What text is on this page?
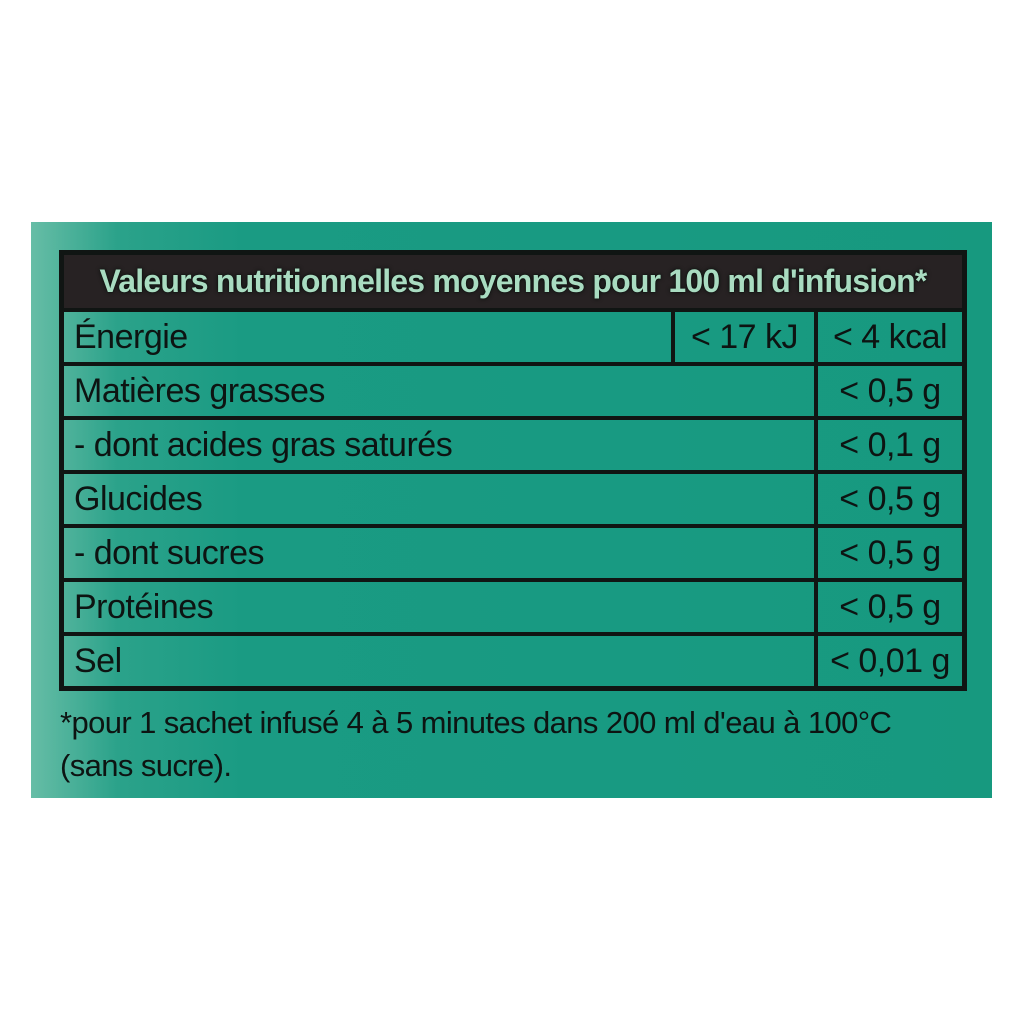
Valeurs nutritionnelles moyennes pour 100 ml d'infusion*
Énergie	< 17 kJ	< 4 kcal
Matières grasses	< 0,5 g
- dont acides gras saturés	< 0,1 g
Glucides	< 0,5 g
- dont sucres	< 0,5 g
Protéines	< 0,5 g
Sel	< 0,01 g
*pour 1 sachet infusé 4 à 5 minutes dans 200 ml d'eau à 100°C
(sans sucre).
